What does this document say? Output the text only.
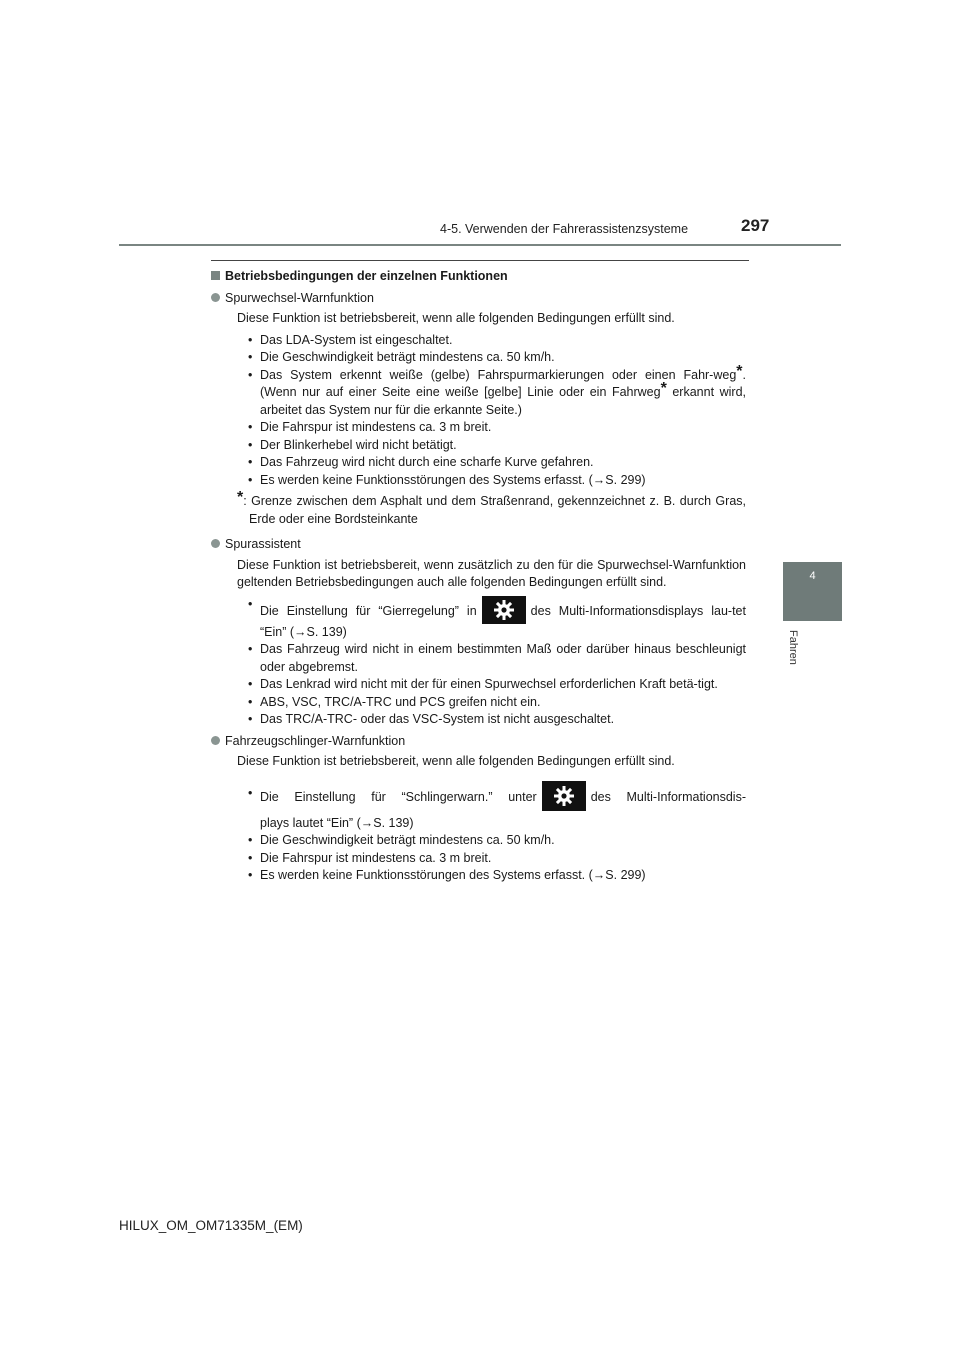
4-5. Verwenden der Fahrerassistenzsysteme	297
4
Fahren
Betriebsbedingungen der einzelnen Funktionen
Spurwechsel-Warnfunktion
Diese Funktion ist betriebsbereit, wenn alle folgenden Bedingungen erfüllt sind.
• Das LDA-System ist eingeschaltet.
• Die Geschwindigkeit beträgt mindestens ca. 50 km/h.
• Das System erkennt weiße (gelbe) Fahrspurmarkierungen oder einen Fahr-weg*. (Wenn nur auf einer Seite eine weiße [gelbe] Linie oder ein Fahrweg* erkannt wird, arbeitet das System nur für die erkannte Seite.)
• Die Fahrspur ist mindestens ca. 3 m breit.
• Der Blinkerhebel wird nicht betätigt.
• Das Fahrzeug wird nicht durch eine scharfe Kurve gefahren.
• Es werden keine Funktionsstörungen des Systems erfasst. (→S. 299)
*: Grenze zwischen dem Asphalt und dem Straßenrand, gekennzeichnet z. B. durch Gras, Erde oder eine Bordsteinkante
Spurassistent
Diese Funktion ist betriebsbereit, wenn zusätzlich zu den für die Spurwechsel-Warnfunktion geltenden Betriebsbedingungen auch alle folgenden Bedingungen erfüllt sind.
• Die Einstellung für “Gierregelung” in	des Multi-Informationsdisplays lau-tet “Ein” (→S. 139)
• Das Fahrzeug wird nicht in einem bestimmten Maß oder darüber hinaus beschleunigt oder abgebremst.
• Das Lenkrad wird nicht mit der für einen Spurwechsel erforderlichen Kraft betä-tigt.
• ABS, VSC, TRC/A-TRC und PCS greifen nicht ein.
• Das TRC/A-TRC- oder das VSC-System ist nicht ausgeschaltet.
Fahrzeugschlinger-Warnfunktion
Diese Funktion ist betriebsbereit, wenn alle folgenden Bedingungen erfüllt sind.
• Die Einstellung für “Schlingerwarn.” unter	des Multi-Informationsdis-
plays lautet “Ein” (→S. 139)
• Die Geschwindigkeit beträgt mindestens ca. 50 km/h.
• Die Fahrspur ist mindestens ca. 3 m breit.
• Es werden keine Funktionsstörungen des Systems erfasst. (→S. 299)
HILUX_OM_OM71335M_(EM)
